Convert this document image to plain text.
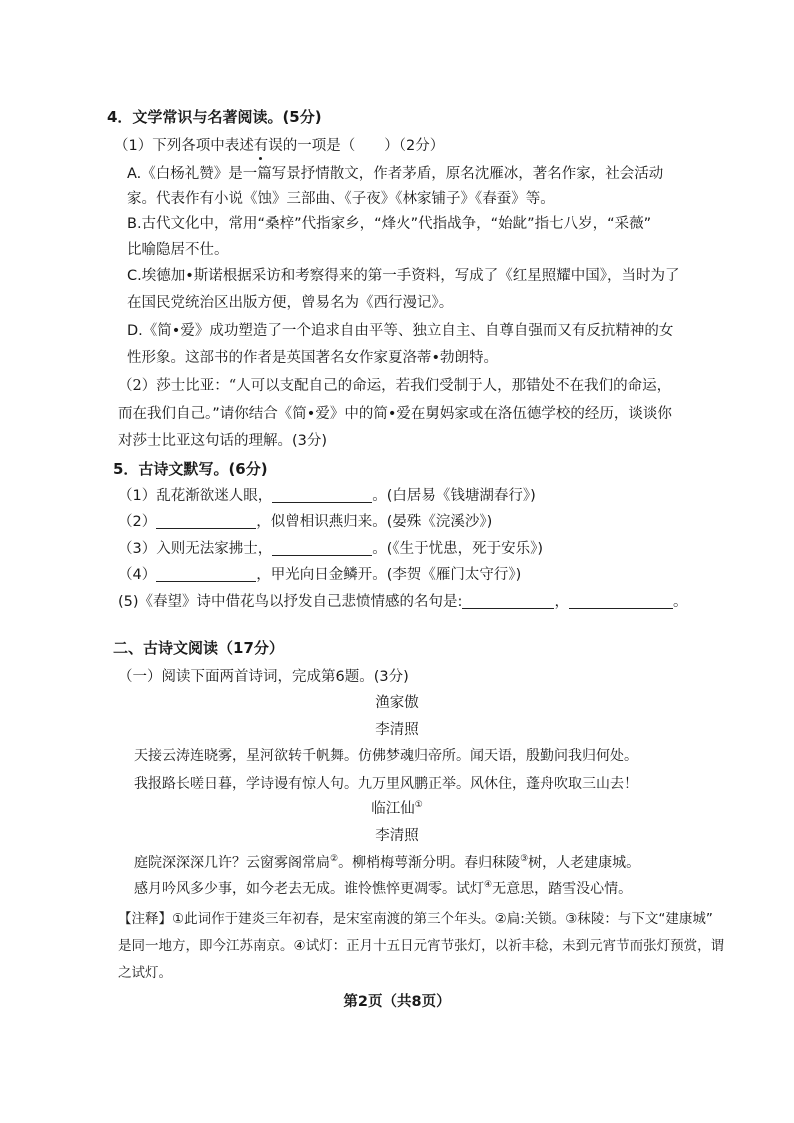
4．文学常识与名著阅读。(5分)
（1）下列各项中表述有误的一项是（　　）（2分）
A.《白杨礼赞》是一篇写景抒情散文，作者茅盾，原名沈雁冰，著名作家，社会活动
家。代表作有小说《蚀》三部曲、《子夜》《林家铺子》《春蚕》等。
B.古代文化中，常用“桑梓”代指家乡，“烽火”代指战争，“始龀”指七八岁，“采薇”
比喻隐居不仕。
C.埃德加•斯诺根据采访和考察得来的第一手资料，写成了《红星照耀中国》，当时为了
在国民党统治区出版方便，曾易名为《西行漫记》。
D.《简•爱》成功塑造了一个追求自由平等、独立自主、自尊自强而又有反抗精神的女
性形象。这部书的作者是英国著名女作家夏洛蒂•勃朗特。
（2）莎士比亚：“人可以支配自己的命运，若我们受制于人，那错处不在我们的命运，
而在我们自己。”请你结合《简•爱》中的简•爱在舅妈家或在洛伍德学校的经历，谈谈你
对莎士比亚这句话的理解。(3分)
5．古诗文默写。(6分)
（1）乱花渐欲迷人眼，	。(白居易《钱塘湖春行》)
（2）	，似曾相识燕归来。(晏殊《浣溪沙》)
（3）入则无法家拂士，	。(《生于忧患，死于安乐》)
（4）	，甲光向日金鳞开。(李贺《雁门太守行》)
(5)《春望》诗中借花鸟以抒发自己悲愤情感的名句是:	，	。
二、古诗文阅读（17分）
（一）阅读下面两首诗词，完成第6题。(3分)
渔家傲
李清照
天接云涛连晓雾，星河欲转千帆舞。仿佛梦魂归帝所。闻天语，殷勤问我归何处。
我报路长嗟日暮，学诗谩有惊人句。九万里风鹏正举。风休住，蓬舟吹取三山去！
临江仙①
李清照
庭院深深深几许？云窗雾阁常扃②。柳梢梅萼渐分明。春归秣陵③树，人老建康城。
感月吟风多少事，如今老去无成。谁怜憔悴更凋零。试灯④无意思，踏雪没心情。
【注释】①此词作于建炎三年初春，是宋室南渡的第三个年头。②扃:关锁。③秣陵：与下文“建康城”
是同一地方，即今江苏南京。④试灯：正月十五日元宵节张灯，以祈丰稔，未到元宵节而张灯预赏，谓
之试灯。
第2页（共8页）
